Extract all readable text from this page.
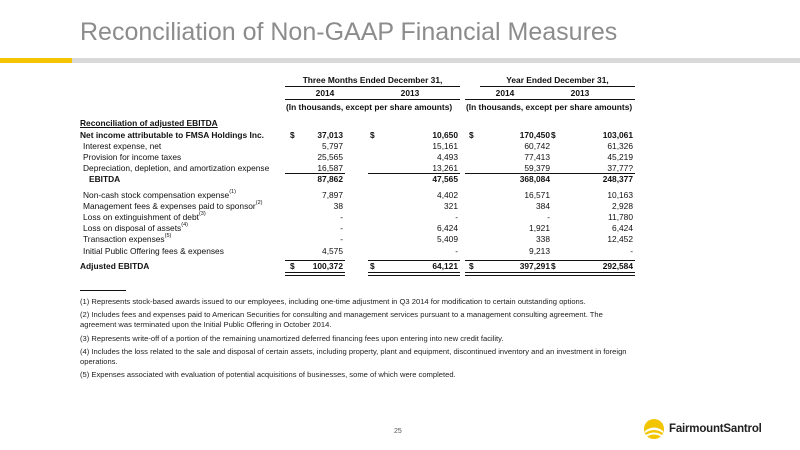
Reconciliation of Non-GAAP Financial Measures
Three Months Ended December 31,	Year Ended December 31,
2014	2013	2014	2013
(In thousands, except per share amounts) (In thousands, except per share amounts)
Reconciliation of adjusted EBITDA
Net income attributable to FMSA Holdings Inc.	$	37,013	$	10,650 $	170,450 $	103,061
Interest expense, net	5,797	15,161	60,742	61,326
Provision for income taxes	25,565	4,493	77,413	45,219
Depreciation, depletion, and amortization expense	16,587	13,261	59,379	37,77?
EBITDA	87,862	47,565	368,084	248,377
Non-cash stock compensation expense$^{(1)}$	7,897	4,402	16,571	10,163
Management fees & expenses paid to sponsor$^{(2)}$	38	321	384	2,928
Loss on extinguishment of debt$^{(3)}$	-	-	-	11,780
Loss on disposal of assets$^{(4)}$	-	6,424	1,921	6,424
Transaction expenses$^{(5)}$	-	5,409	338	12,452
Initial Public Offering fees & expenses	4,575	-	9,213	-
Adjusted EBITDA	$	100,372	$	64,121 $	397,291 $	292,584

(1) Represents stock-based awards issued to our employees, including one-time adjustment in Q3 2014 for modification to certain outstanding options.

(2) Includes fees and expenses paid to American Securities for consulting and management services pursuant to a management consulting agreement. The agreement was terminated upon the Initial Public Offering in October 2014.

(3) Represents write-off of a portion of the remaining unamortized deferred financing fees upon entering into new credit facility.

(4) Includes the loss related to the sale and disposal of certain assets, including property, plant and equipment, discontinued inventory and an investment in foreign operations.

(5) Expenses associated with evaluation of potential acquisitions of businesses, some of which were completed.

25	FairmountSantrol
